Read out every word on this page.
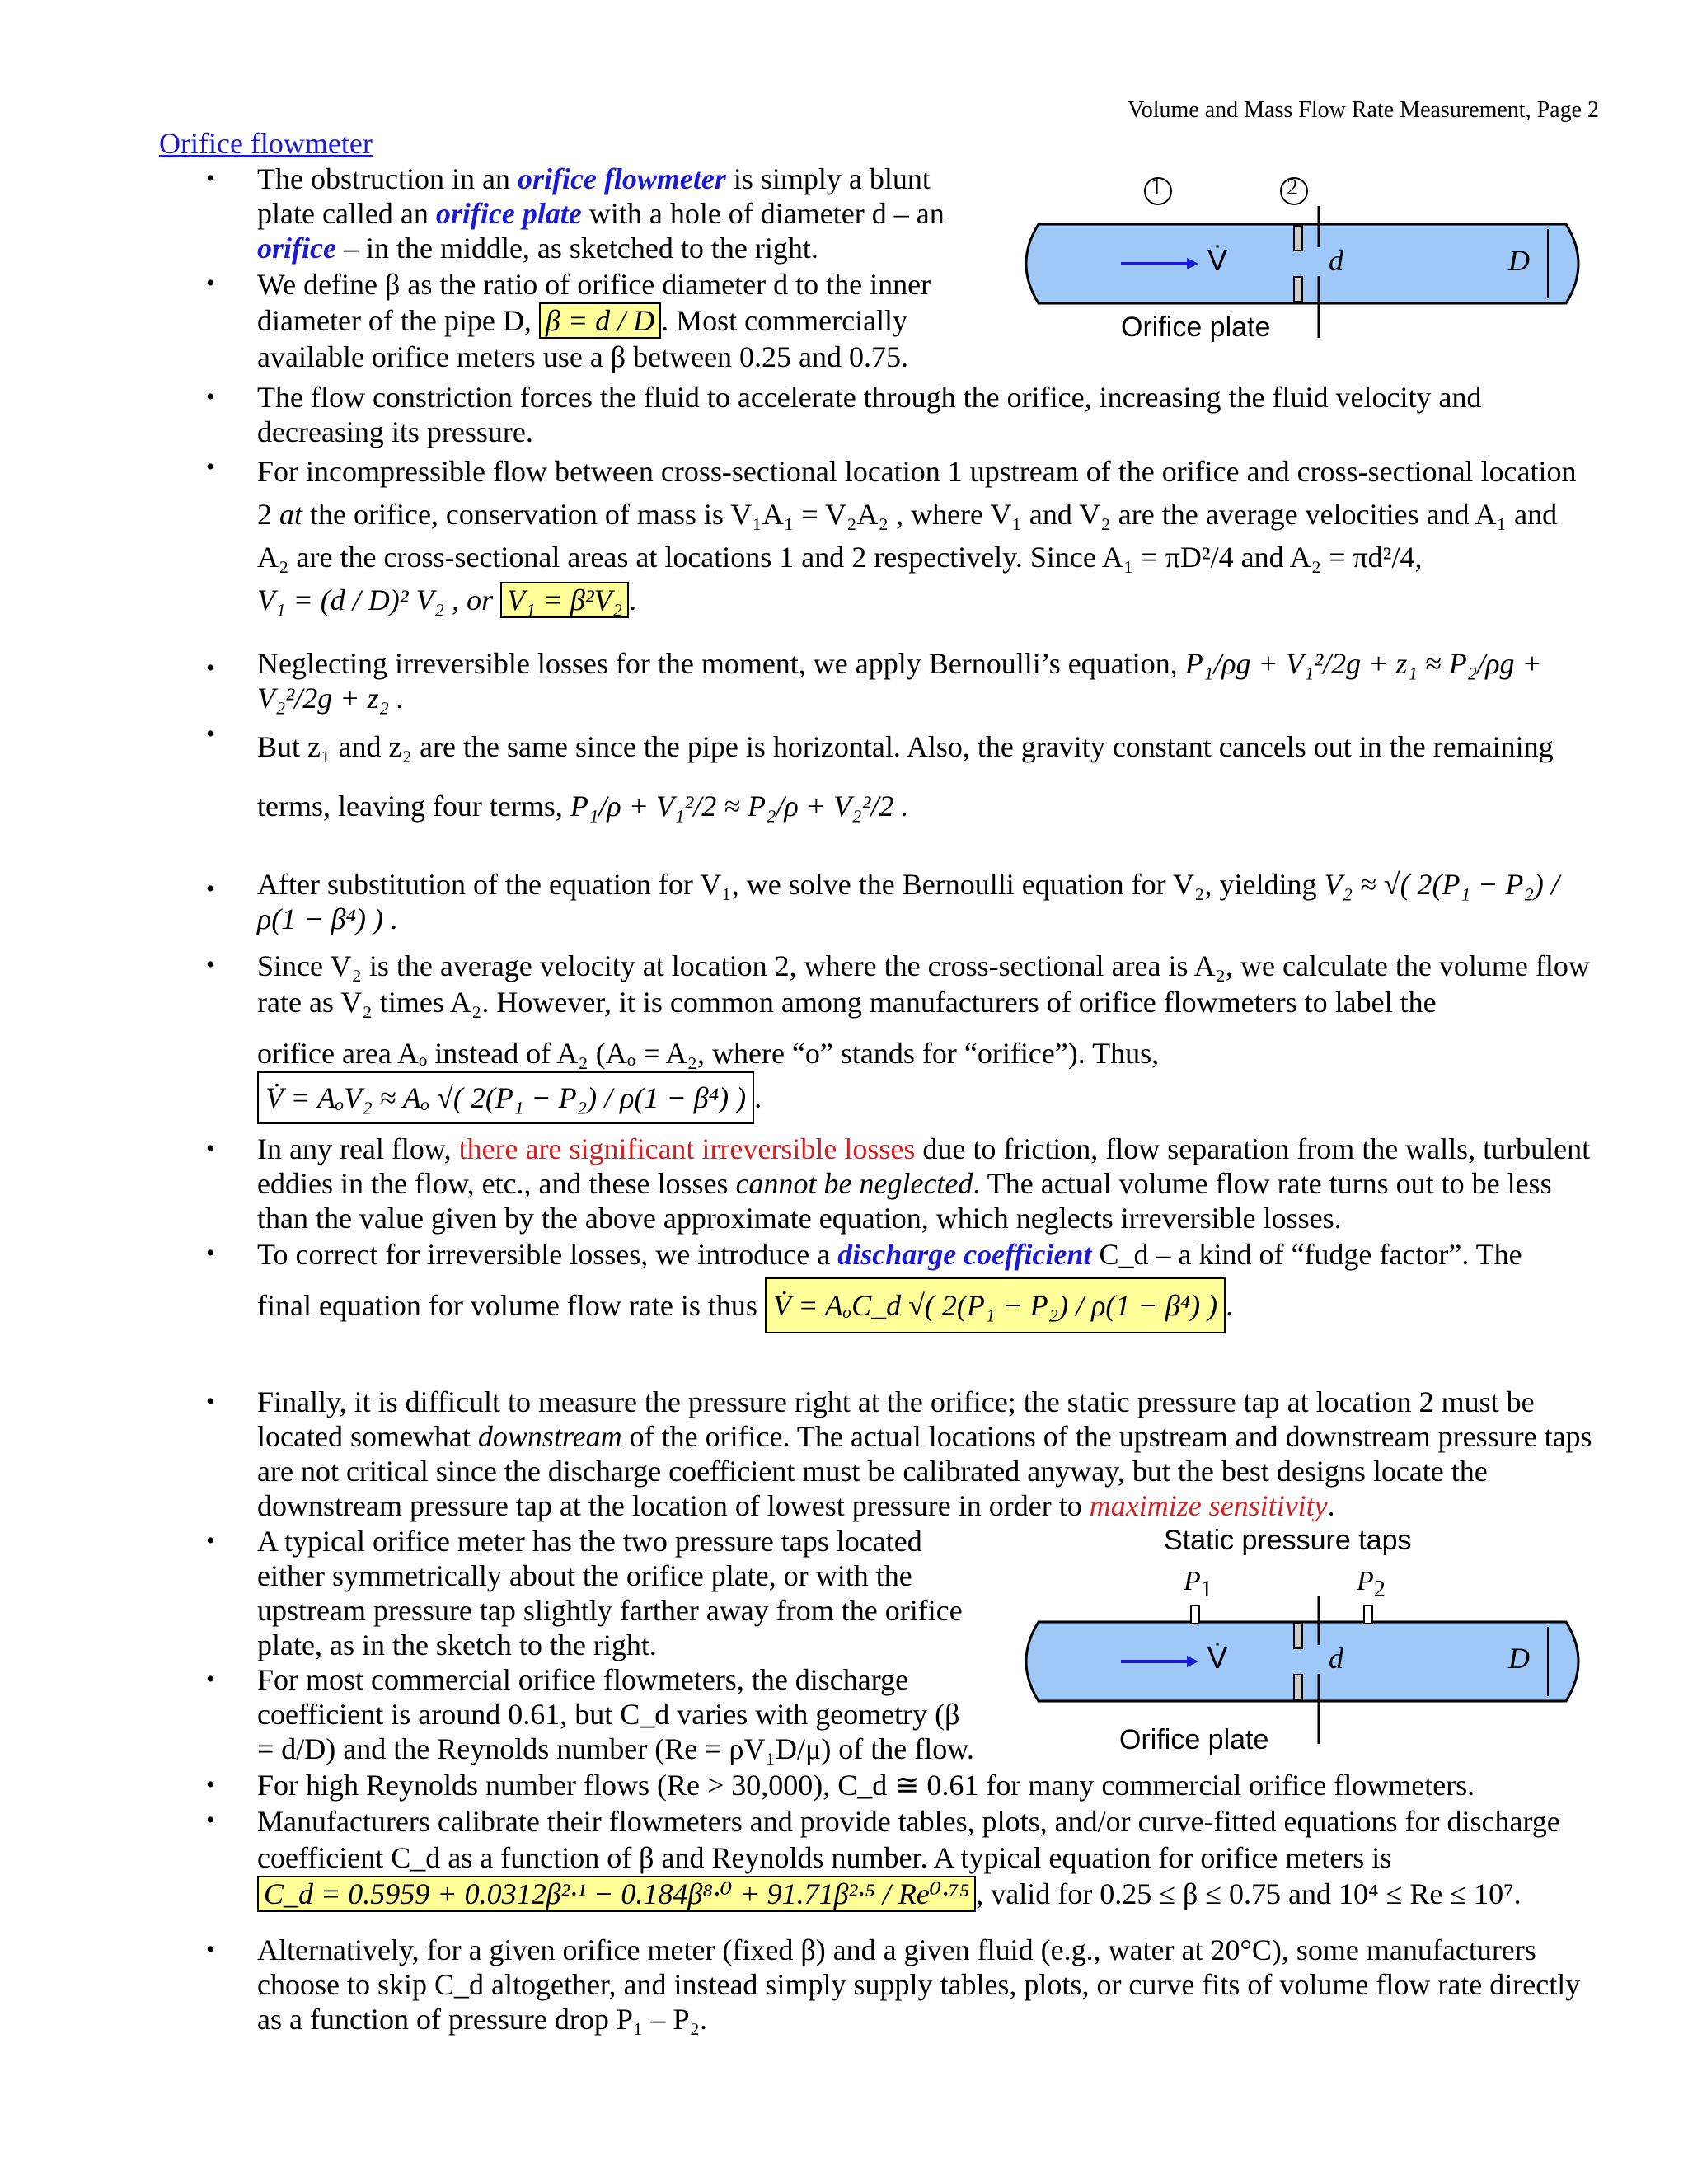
Volume and Mass Flow Rate Measurement, Page 2
Orifice flowmeter
• The obstruction in an orifice flowmeter is simply a blunt plate called an orifice plate with a hole of diameter d – an orifice – in the middle, as sketched to the right.
• We define β as the ratio of orifice diameter d to the inner diameter of the pipe D, β = d / D . Most commercially available orifice meters use a β between 0.25 and 0.75.
• The flow constriction forces the fluid to accelerate through the orifice, increasing the fluid velocity and decreasing its pressure.
• For incompressible flow between cross-sectional location 1 upstream of the orifice and cross-sectional location 2 at the orifice, conservation of mass is V₁A₁ = V₂A₂ , where V₁ and V₂ are the average velocities and A₁ and A₂ are the cross-sectional areas at locations 1 and 2 respectively. Since A₁ = πD²/4 and A₂ = πd²/4,
V₁ = (d / D)² V₂ , or V₁ = β²V₂ .
• Neglecting irreversible losses for the moment, we apply Bernoulli’s equation, P₁/ρg + V₁²/2g + z₁ ≈ P₂/ρg + V₂²/2g + z₂ .
• But z₁ and z₂ are the same since the pipe is horizontal. Also, the gravity constant cancels out in the remaining
terms, leaving four terms, P₁/ρ + V₁²/2 ≈ P₂/ρ + V₂²/2 .
• After substitution of the equation for V₁, we solve the Bernoulli equation for V₂, yielding V₂ ≈ √( 2(P₁ − P₂) / ρ(1 − β⁴) ) .
• Since V₂ is the average velocity at location 2, where the cross-sectional area is A₂, we calculate the volume flow rate as V₂ times A₂. However, it is common among manufacturers of orifice flowmeters to label the
orifice area Aₒ instead of A₂ (Aₒ = A₂, where “o” stands for “orifice”). Thus, V̇ = AₒV₂ ≈ Aₒ √( 2(P₁ − P₂) / ρ(1 − β⁴) ) .
• In any real flow, there are significant irreversible losses due to friction, flow separation from the walls, turbulent eddies in the flow, etc., and these losses cannot be neglected. The actual volume flow rate turns out to be less than the value given by the above approximate equation, which neglects irreversible losses.
• To correct for irreversible losses, we introduce a discharge coefficient C_d – a kind of “fudge factor”. The
final equation for volume flow rate is thus V̇ = AₒC_d √( 2(P₁ − P₂) / ρ(1 − β⁴) ) .
• Finally, it is difficult to measure the pressure right at the orifice; the static pressure tap at location 2 must be located somewhat downstream of the orifice. The actual locations of the upstream and downstream pressure taps are not critical since the discharge coefficient must be calibrated anyway, but the best designs locate the downstream pressure tap at the location of lowest pressure in order to maximize sensitivity.
• A typical orifice meter has the two pressure taps located either symmetrically about the orifice plate, or with the upstream pressure tap slightly farther away from the orifice plate, as in the sketch to the right.
• For most commercial orifice flowmeters, the discharge coefficient is around 0.61, but C_d varies with geometry (β = d/D) and the Reynolds number (Re = ρV₁D/μ) of the flow.
• For high Reynolds number flows (Re > 30,000), C_d ≅ 0.61 for many commercial orifice flowmeters.
• Manufacturers calibrate their flowmeters and provide tables, plots, and/or curve-fitted equations for discharge coefficient C_d as a function of β and Reynolds number. A typical equation for orifice meters is
C_d = 0.5959 + 0.0312β²·¹ − 0.184β⁸·⁰ + 91.71β²·⁵ / Re⁰·⁷⁵ , valid for 0.25 ≤ β ≤ 0.75 and 10⁴ ≤ Re ≤ 10⁷.
• Alternatively, for a given orifice meter (fixed β) and a given fluid (e.g., water at 20°C), some manufacturers choose to skip C_d altogether, and instead simply supply tables, plots, or curve fits of volume flow rate directly as a function of pressure drop P₁ – P₂.
1	2
V̇	d	D
Orifice plate
Static pressure taps
$P_1$	$P_2$
V̇	d	D
Orifice plate
